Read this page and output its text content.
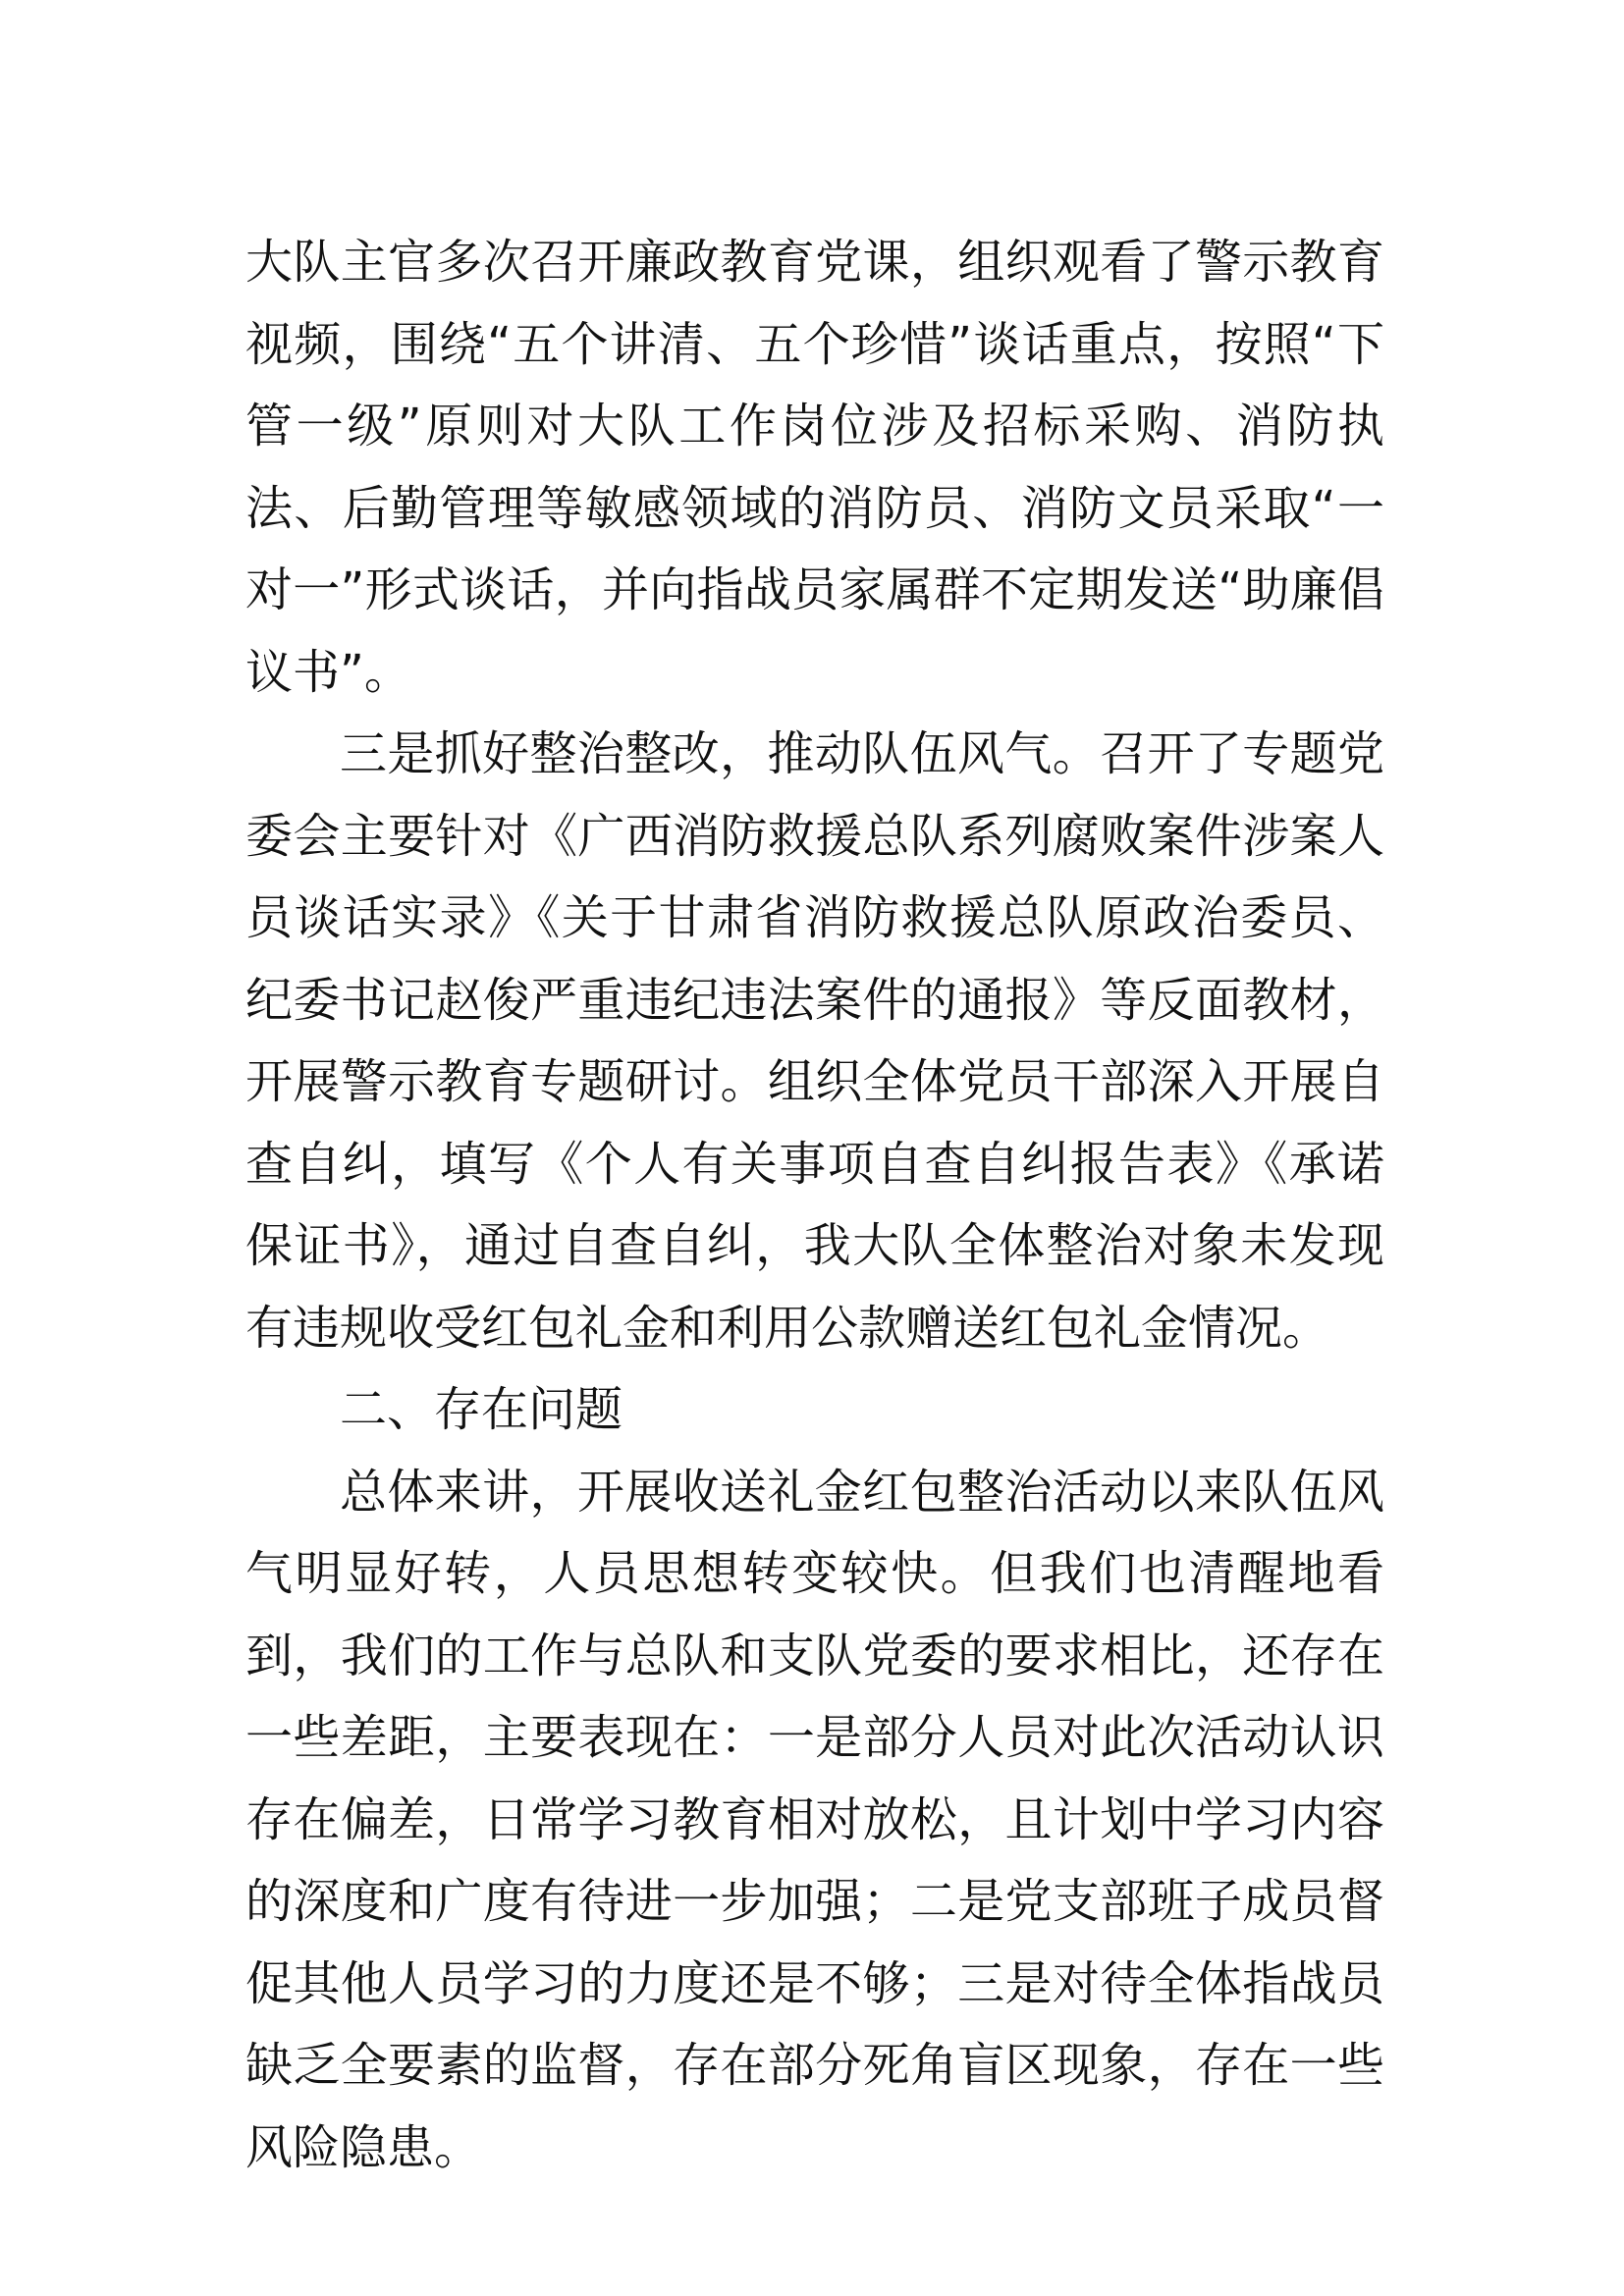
大队主官多次召开廉政教育党课，组织观看了警示教育视频，围绕“五个讲清、五个珍惜”谈话重点，按照“下管一级”原则对大队工作岗位涉及招标采购、消防执法、后勤管理等敏感领域的消防员、消防文员采取“一对一”形式谈话，并向指战员家属群不定期发送“助廉倡议书”。

三是抓好整治整改，推动队伍风气。召开了专题党委会主要针对《广西消防救援总队系列腐败案件涉案人员谈话实录》《关于甘肃省消防救援总队原政治委员、纪委书记赵俊严重违纪违法案件的通报》等反面教材，开展警示教育专题研讨。组织全体党员干部深入开展自查自纠，填写《个人有关事项自查自纠报告表》《承诺保证书》，通过自查自纠，我大队全体整治对象未发现有违规收受红包礼金和利用公款赠送红包礼金情况。

二、存在问题

总体来讲，开展收送礼金红包整治活动以来队伍风气明显好转，人员思想转变较快。但我们也清醒地看到，我们的工作与总队和支队党委的要求相比，还存在一些差距，主要表现在：一是部分人员对此次活动认识存在偏差，日常学习教育相对放松，且计划中学习内容的深度和广度有待进一步加强；二是党支部班子成员督促其他人员学习的力度还是不够；三是对待全体指战员缺乏全要素的监督，存在部分死角盲区现象，存在一些风险隐患。
